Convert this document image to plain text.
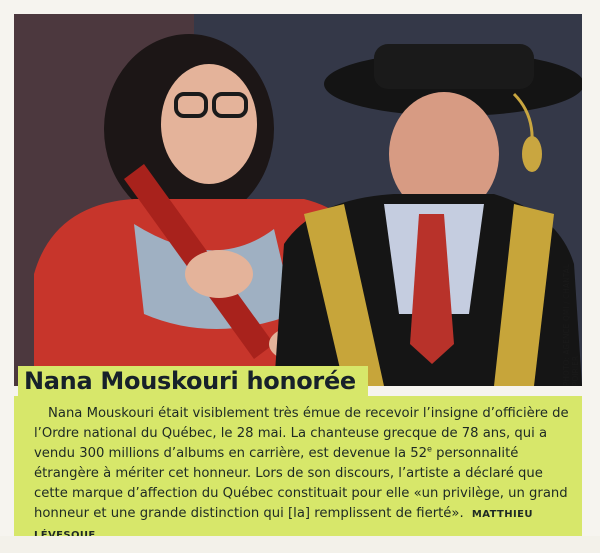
PHOTO: AGENCE QMI / CHANTAL POIRIER
Nana Mouskouri honorée

Nana Mouskouri était visiblement très émue de recevoir l’insigne d’officière de l’Ordre national du Québec, le 28 mai. La chanteuse grecque de 78 ans, qui a vendu 300 millions d’albums en carrière, est devenue la 52e personnalité étrangère à mériter cet honneur. Lors de son discours, l’artiste a déclaré que cette marque d’affection du Québec constituait pour elle «un privilège, un grand honneur et une grande distinction qui [la] remplissent de fierté». MATTHIEU
